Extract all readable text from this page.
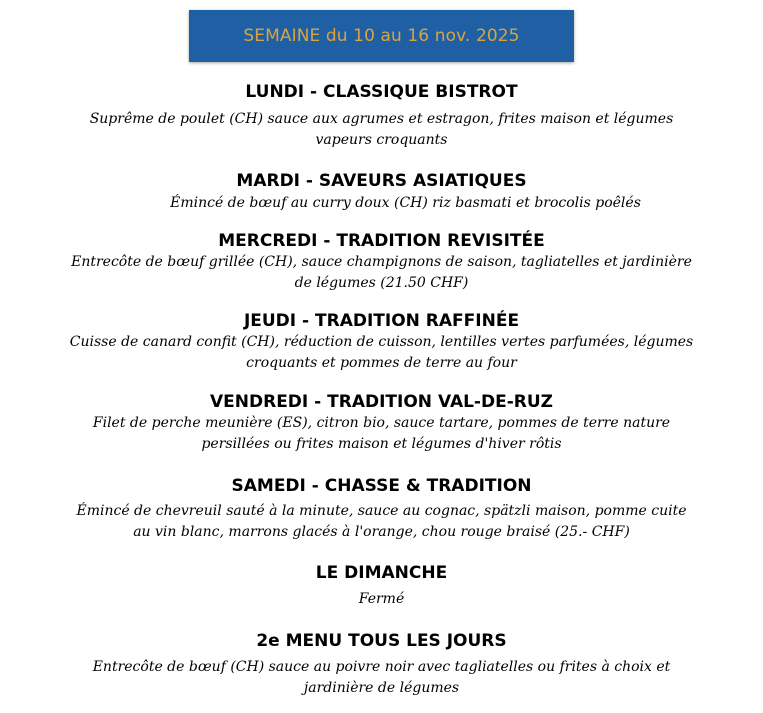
SEMAINE du 10 au 16 nov. 2025
LUNDI - CLASSIQUE BISTROT
Suprême de poulet (CH) sauce aux agrumes et estragon, frites maison et légumes
vapeurs croquants
MARDI - SAVEURS ASIATIQUES
Émincé de bœuf au curry doux (CH) riz basmati et brocolis poêlés
MERCREDI - TRADITION REVISITÉE
Entrecôte de bœuf grillée (CH), sauce champignons de saison, tagliatelles et jardinière
de légumes (21.50 CHF)
JEUDI - TRADITION RAFFINÉE
Cuisse de canard confit (CH), réduction de cuisson, lentilles vertes parfumées, légumes
croquants et pommes de terre au four
VENDREDI - TRADITION VAL-DE-RUZ
Filet de perche meunière (ES), citron bio, sauce tartare, pommes de terre nature
persillées ou frites maison et légumes d'hiver rôtis
SAMEDI - CHASSE & TRADITION
Émincé de chevreuil sauté à la minute, sauce au cognac, spätzli maison, pomme cuite
au vin blanc, marrons glacés à l'orange, chou rouge braisé (25.- CHF)
LE DIMANCHE
Fermé
2e MENU TOUS LES JOURS
Entrecôte de bœuf (CH) sauce au poivre noir avec tagliatelles ou frites à choix et
jardinière de légumes
